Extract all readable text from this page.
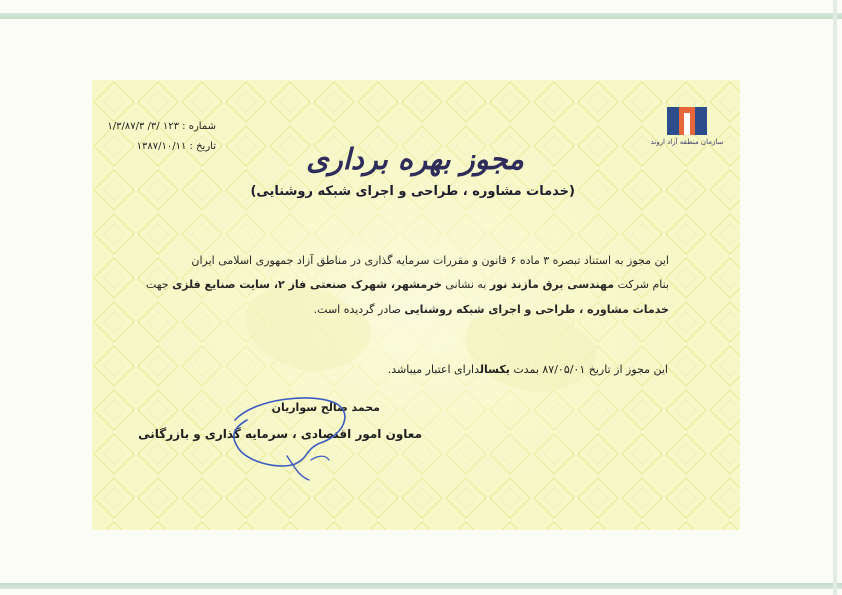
سازمان منطقه آزاد اروند
شماره : ۱۲۳ /۳/ ۱/۳/۸۷/۳
تاریخ : ۱۳۸۷/۱۰/۱۱	مجوز بهره برداری
(خدمات مشاوره ، طراحی و اجرای شبکه روشنایی)
این مجوز به استناد تبصره ۳ ماده ۶ قانون و مقررات سرمایه گذاری در مناطق آزاد جمهوری اسلامی ایران
بنام شرکت مهندسی برق مازند نور به نشانی خرمشهر، شهرک صنعتی فاز ۲، سایت صنایع فلزی جهت
خدمات مشاوره ، طراحی و اجرای شبکه روشنایی صادر گردیده است.
این مجوز از تاریخ ۸۷/۰۵/۰۱ بمدت یکسالدارای اعتبار میباشد.
محمد صالح سواریان
معاون امور اقتصادی ، سرمایه گذاری و بازرگانی
